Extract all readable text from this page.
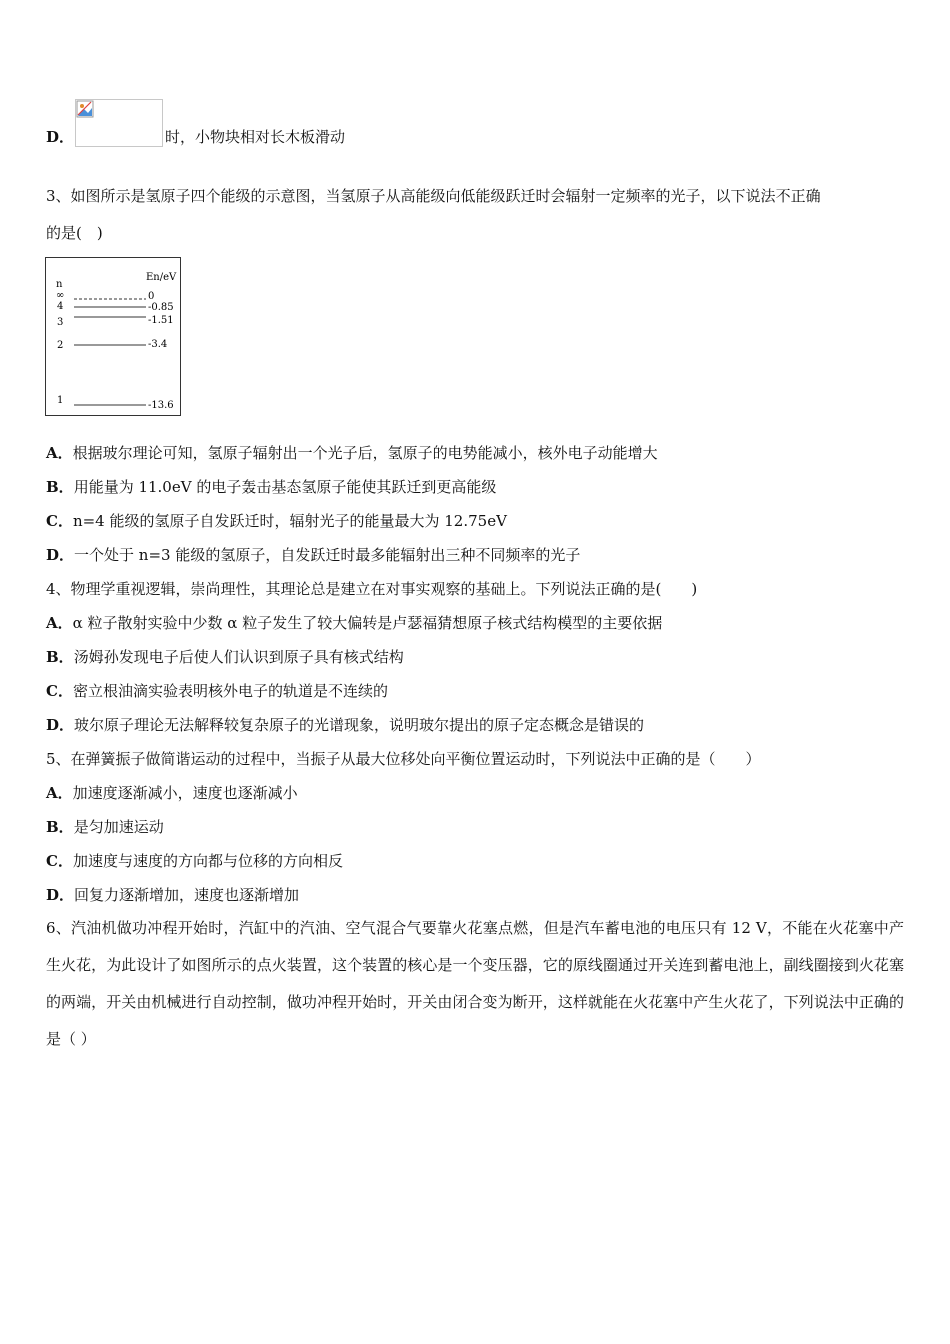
D．	时，小物块相对长木板滑动
3、如图所示是氢原子四个能级的示意图，当氢原子从高能级向低能级跃迁时会辐射一定频率的光子，以下说法不正确
的是(　)
n
En/eV
∞	0
4	-0.85
3	-1.51
2	-3.4
1	-13.6
A．根据玻尔理论可知，氢原子辐射出一个光子后，氢原子的电势能减小，核外电子动能增大
B．用能量为 11.0eV 的电子轰击基态氢原子能使其跃迁到更高能级
C．n=4 能级的氢原子自发跃迁时，辐射光子的能量最大为 12.75eV
D．一个处于 n=3 能级的氢原子，自发跃迁时最多能辐射出三种不同频率的光子
4、物理学重视逻辑，崇尚理性，其理论总是建立在对事实观察的基础上。下列说法正确的是(　　)
A．α 粒子散射实验中少数 α 粒子发生了较大偏转是卢瑟福猜想原子核式结构模型的主要依据
B．汤姆孙发现电子后使人们认识到原子具有核式结构
C．密立根油滴实验表明核外电子的轨道是不连续的
D．玻尔原子理论无法解释较复杂原子的光谱现象，说明玻尔提出的原子定态概念是错误的
5、在弹簧振子做简谐运动的过程中，当振子从最大位移处向平衡位置运动时，下列说法中正确的是（　　）
A．加速度逐渐减小，速度也逐渐减小
B．是匀加速运动
C．加速度与速度的方向都与位移的方向相反
D．回复力逐渐增加，速度也逐渐增加
6、汽油机做功冲程开始时，汽缸中的汽油、空气混合气要靠火花塞点燃，但是汽车蓄电池的电压只有 12 V，不能在火花塞中产生火花，为此设计了如图所示的点火装置，这个装置的核心是一个变压器，它的原线圈通过开关连到蓄电池上，副线圈接到火花塞的两端，开关由机械进行自动控制，做功冲程开始时，开关由闭合变为断开，这样就能在火花塞中产生火花了，下列说法中正确的是（ ）
